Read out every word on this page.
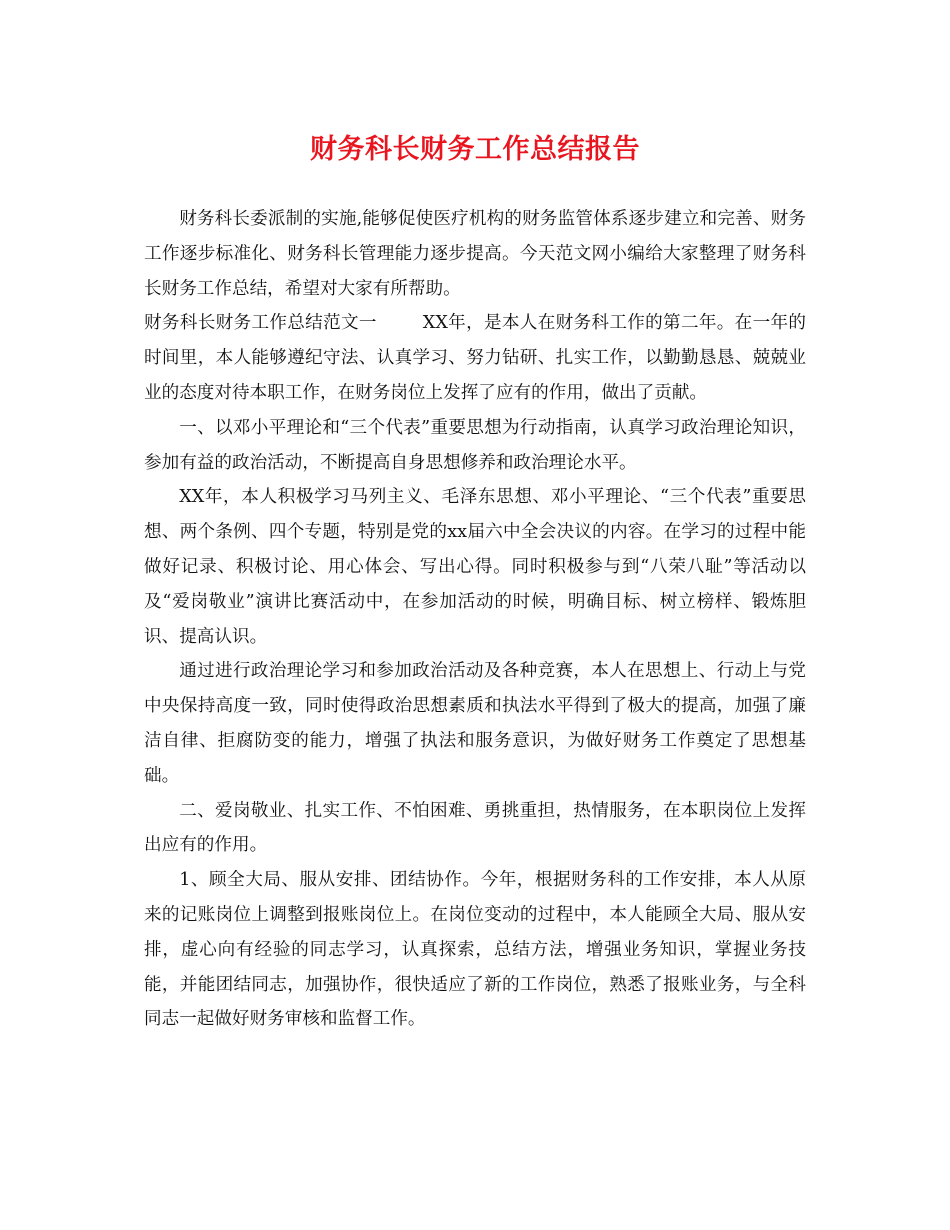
财务科长财务工作总结报告

财务科长委派制的实施,能够促使医疗机构的财务监管体系逐步建立和完善、财务工作逐步标准化、财务科长管理能力逐步提高。今天范文网小编给大家整理了财务科长财务工作总结，希望对大家有所帮助。

财务科长财务工作总结范文一	XX年，是本人在财务科工作的第二年。在一年的时间里，本人能够遵纪守法、认真学习、努力钻研、扎实工作，以勤勤恳恳、兢兢业业的态度对待本职工作，在财务岗位上发挥了应有的作用，做出了贡献。

一、以邓小平理论和“三个代表”重要思想为行动指南，认真学习政治理论知识，参加有益的政治活动，不断提高自身思想修养和政治理论水平。

XX年，本人积极学习马列主义、毛泽东思想、邓小平理论、“三个代表”重要思想、两个条例、四个专题，特别是党的xx届六中全会决议的内容。在学习的过程中能做好记录、积极讨论、用心体会、写出心得。同时积极参与到“八荣八耻”等活动以及“爱岗敬业”演讲比赛活动中，在参加活动的时候，明确目标、树立榜样、锻炼胆识、提高认识。

通过进行政治理论学习和参加政治活动及各种竞赛，本人在思想上、行动上与党中央保持高度一致，同时使得政治思想素质和执法水平得到了极大的提高，加强了廉洁自律、拒腐防变的能力，增强了执法和服务意识，为做好财务工作奠定了思想基础。

二、爱岗敬业、扎实工作、不怕困难、勇挑重担，热情服务，在本职岗位上发挥出应有的作用。

1、顾全大局、服从安排、团结协作。今年，根据财务科的工作安排，本人从原来的记账岗位上调整到报账岗位上。在岗位变动的过程中，本人能顾全大局、服从安排，虚心向有经验的同志学习，认真探索，总结方法，增强业务知识，掌握业务技能，并能团结同志，加强协作，很快适应了新的工作岗位，熟悉了报账业务，与全科同志一起做好财务审核和监督工作。
